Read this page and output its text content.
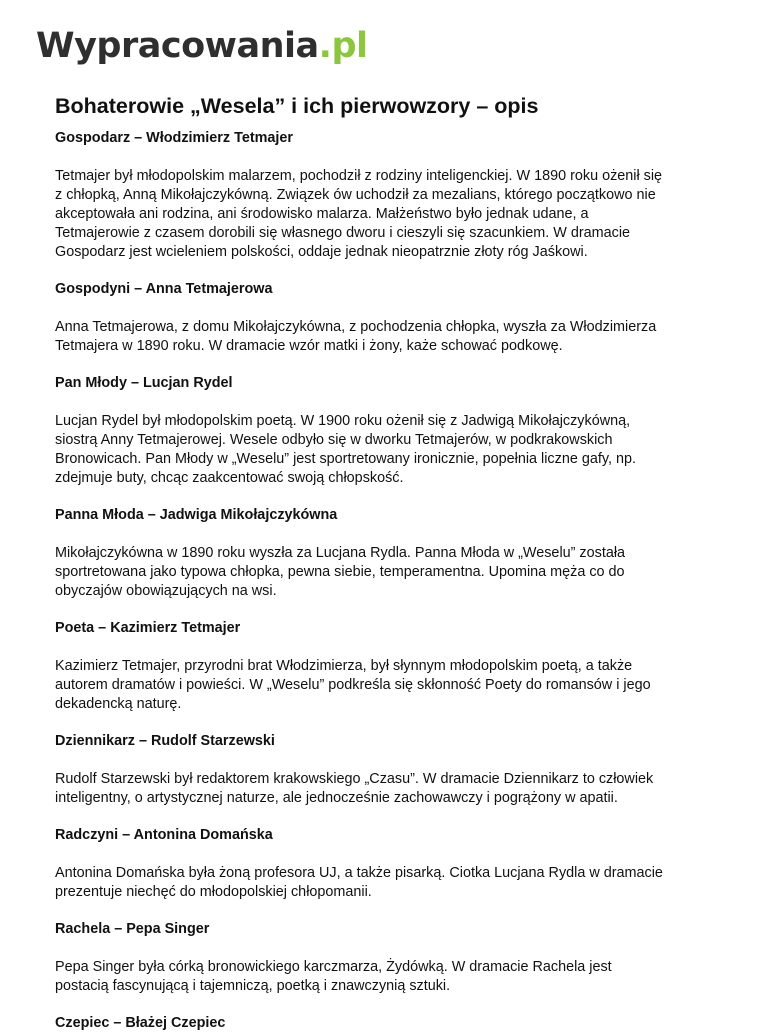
Wypracowania . pl
Bohaterowie „Wesela” i ich pierwowzory – opis
Gospodarz – Włodzimierz Tetmajer

Tetmajer był młodopolskim malarzem, pochodził z rodziny inteligenckiej. W 1890 roku ożenił się
z chłopką, Anną Mikołajczykówną. Związek ów uchodził za mezalians, którego początkowo nie
akceptowała ani rodzina, ani środowisko malarza. Małżeństwo było jednak udane, a
Tetmajerowie z czasem dorobili się własnego dworu i cieszyli się szacunkiem. W dramacie
Gospodarz jest wcieleniem polskości, oddaje jednak nieopatrznie złoty róg Jaśkowi.

Gospodyni – Anna Tetmajerowa

Anna Tetmajerowa, z domu Mikołajczykówna, z pochodzenia chłopka, wyszła za Włodzimierza
Tetmajera w 1890 roku. W dramacie wzór matki i żony, każe schować podkowę.

Pan Młody – Lucjan Rydel

Lucjan Rydel był młodopolskim poetą. W 1900 roku ożenił się z Jadwigą Mikołajczykówną,
siostrą Anny Tetmajerowej. Wesele odbyło się w dworku Tetmajerów, w podkrakowskich
Bronowicach. Pan Młody w „Weselu” jest sportretowany ironicznie, popełnia liczne gafy, np.
zdejmuje buty, chcąc zaakcentować swoją chłopskość.

Panna Młoda – Jadwiga Mikołajczykówna

Mikołajczykówna w 1890 roku wyszła za Lucjana Rydla. Panna Młoda w „Weselu” została
sportretowana jako typowa chłopka, pewna siebie, temperamentna. Upomina męża co do
obyczajów obowiązujących na wsi.

Poeta – Kazimierz Tetmajer

Kazimierz Tetmajer, przyrodni brat Włodzimierza, był słynnym młodopolskim poetą, a także
autorem dramatów i powieści. W „Weselu” podkreśla się skłonność Poety do romansów i jego
dekadencką naturę.

Dziennikarz – Rudolf Starzewski

Rudolf Starzewski był redaktorem krakowskiego „Czasu”. W dramacie Dziennikarz to człowiek
inteligentny, o artystycznej naturze, ale jednocześnie zachowawczy i pogrążony w apatii.

Radczyni – Antonina Domańska

Antonina Domańska była żoną profesora UJ, a także pisarką. Ciotka Lucjana Rydla w dramacie
prezentuje niechęć do młodopolskiej chłopomanii.

Rachela – Pepa Singer

Pepa Singer była córką bronowickiego karczmarza, Żydówką. W dramacie Rachela jest
postacią fascynującą i tajemniczą, poetką i znawczynią sztuki.

Czepiec – Błażej Czepiec
